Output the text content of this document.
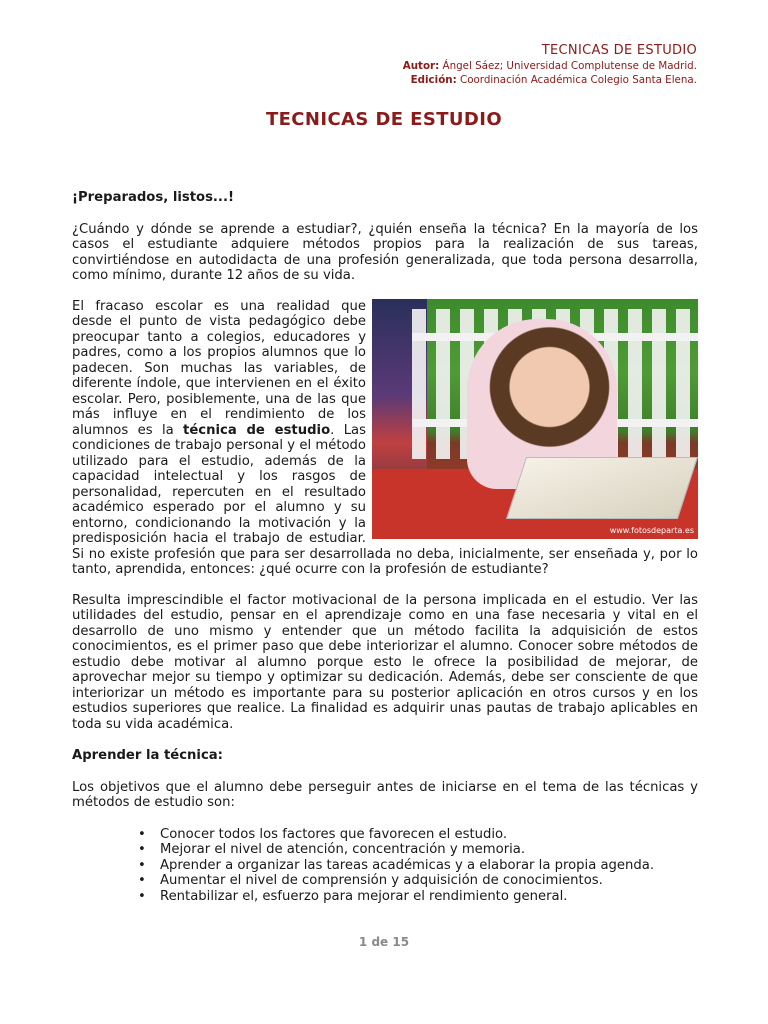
TECNICAS DE ESTUDIO
Autor: Ángel Sáez; Universidad Complutense de Madrid.
Edición: Coordinación Académica Colegio Santa Elena.
TECNICAS DE ESTUDIO

¡Preparados, listos...!

¿Cuándo y dónde se aprende a estudiar?, ¿quién enseña la técnica? En la mayoría de los casos el estudiante adquiere métodos propios para la realización de sus tareas, convirtiéndose en autodidacta de una profesión generalizada, que toda persona desarrolla, como mínimo, durante 12 años de su vida.

www.fotosdeparta.es

El fracaso escolar es una realidad que desde el punto de vista pedagógico debe preocupar tanto a colegios, educadores y padres, como a los propios alumnos que lo padecen. Son muchas las variables, de diferente índole, que intervienen en el éxito escolar. Pero, posiblemente, una de las que más influye en el rendimiento de los alumnos es la técnica de estudio. Las condiciones de trabajo personal y el método utilizado para el estudio, además de la capacidad intelectual y los rasgos de personalidad, repercuten en el resultado académico esperado por el alumno y su entorno, condicionando la motivación y la predisposición hacia el trabajo de estudiar. Si no existe profesión que para ser desarrollada no deba, inicialmente, ser enseñada y, por lo tanto, aprendida, entonces: ¿qué ocurre con la profesión de estudiante?

Resulta imprescindible el factor motivacional de la persona implicada en el estudio. Ver las utilidades del estudio, pensar en el aprendizaje como en una fase necesaria y vital en el desarrollo de uno mismo y entender que un método facilita la adquisición de estos conocimientos, es el primer paso que debe interiorizar el alumno. Conocer sobre métodos de estudio debe motivar al alumno porque esto le ofrece la posibilidad de mejorar, de aprovechar mejor su tiempo y optimizar su dedicación. Además, debe ser consciente de que interiorizar un método es importante para su posterior aplicación en otros cursos y en los estudios superiores que realice. La finalidad es adquirir unas pautas de trabajo aplicables en toda su vida académica.

Aprender la técnica:

Los objetivos que el alumno debe perseguir antes de iniciarse en el tema de las técnicas y métodos de estudio son:

• Conocer todos los factores que favorecen el estudio.
• Mejorar el nivel de atención, concentración y memoria.
• Aprender a organizar las tareas académicas y a elaborar la propia agenda.
• Aumentar el nivel de comprensión y adquisición de conocimientos.
• Rentabilizar el, esfuerzo para mejorar el rendimiento general.
1 de 15
